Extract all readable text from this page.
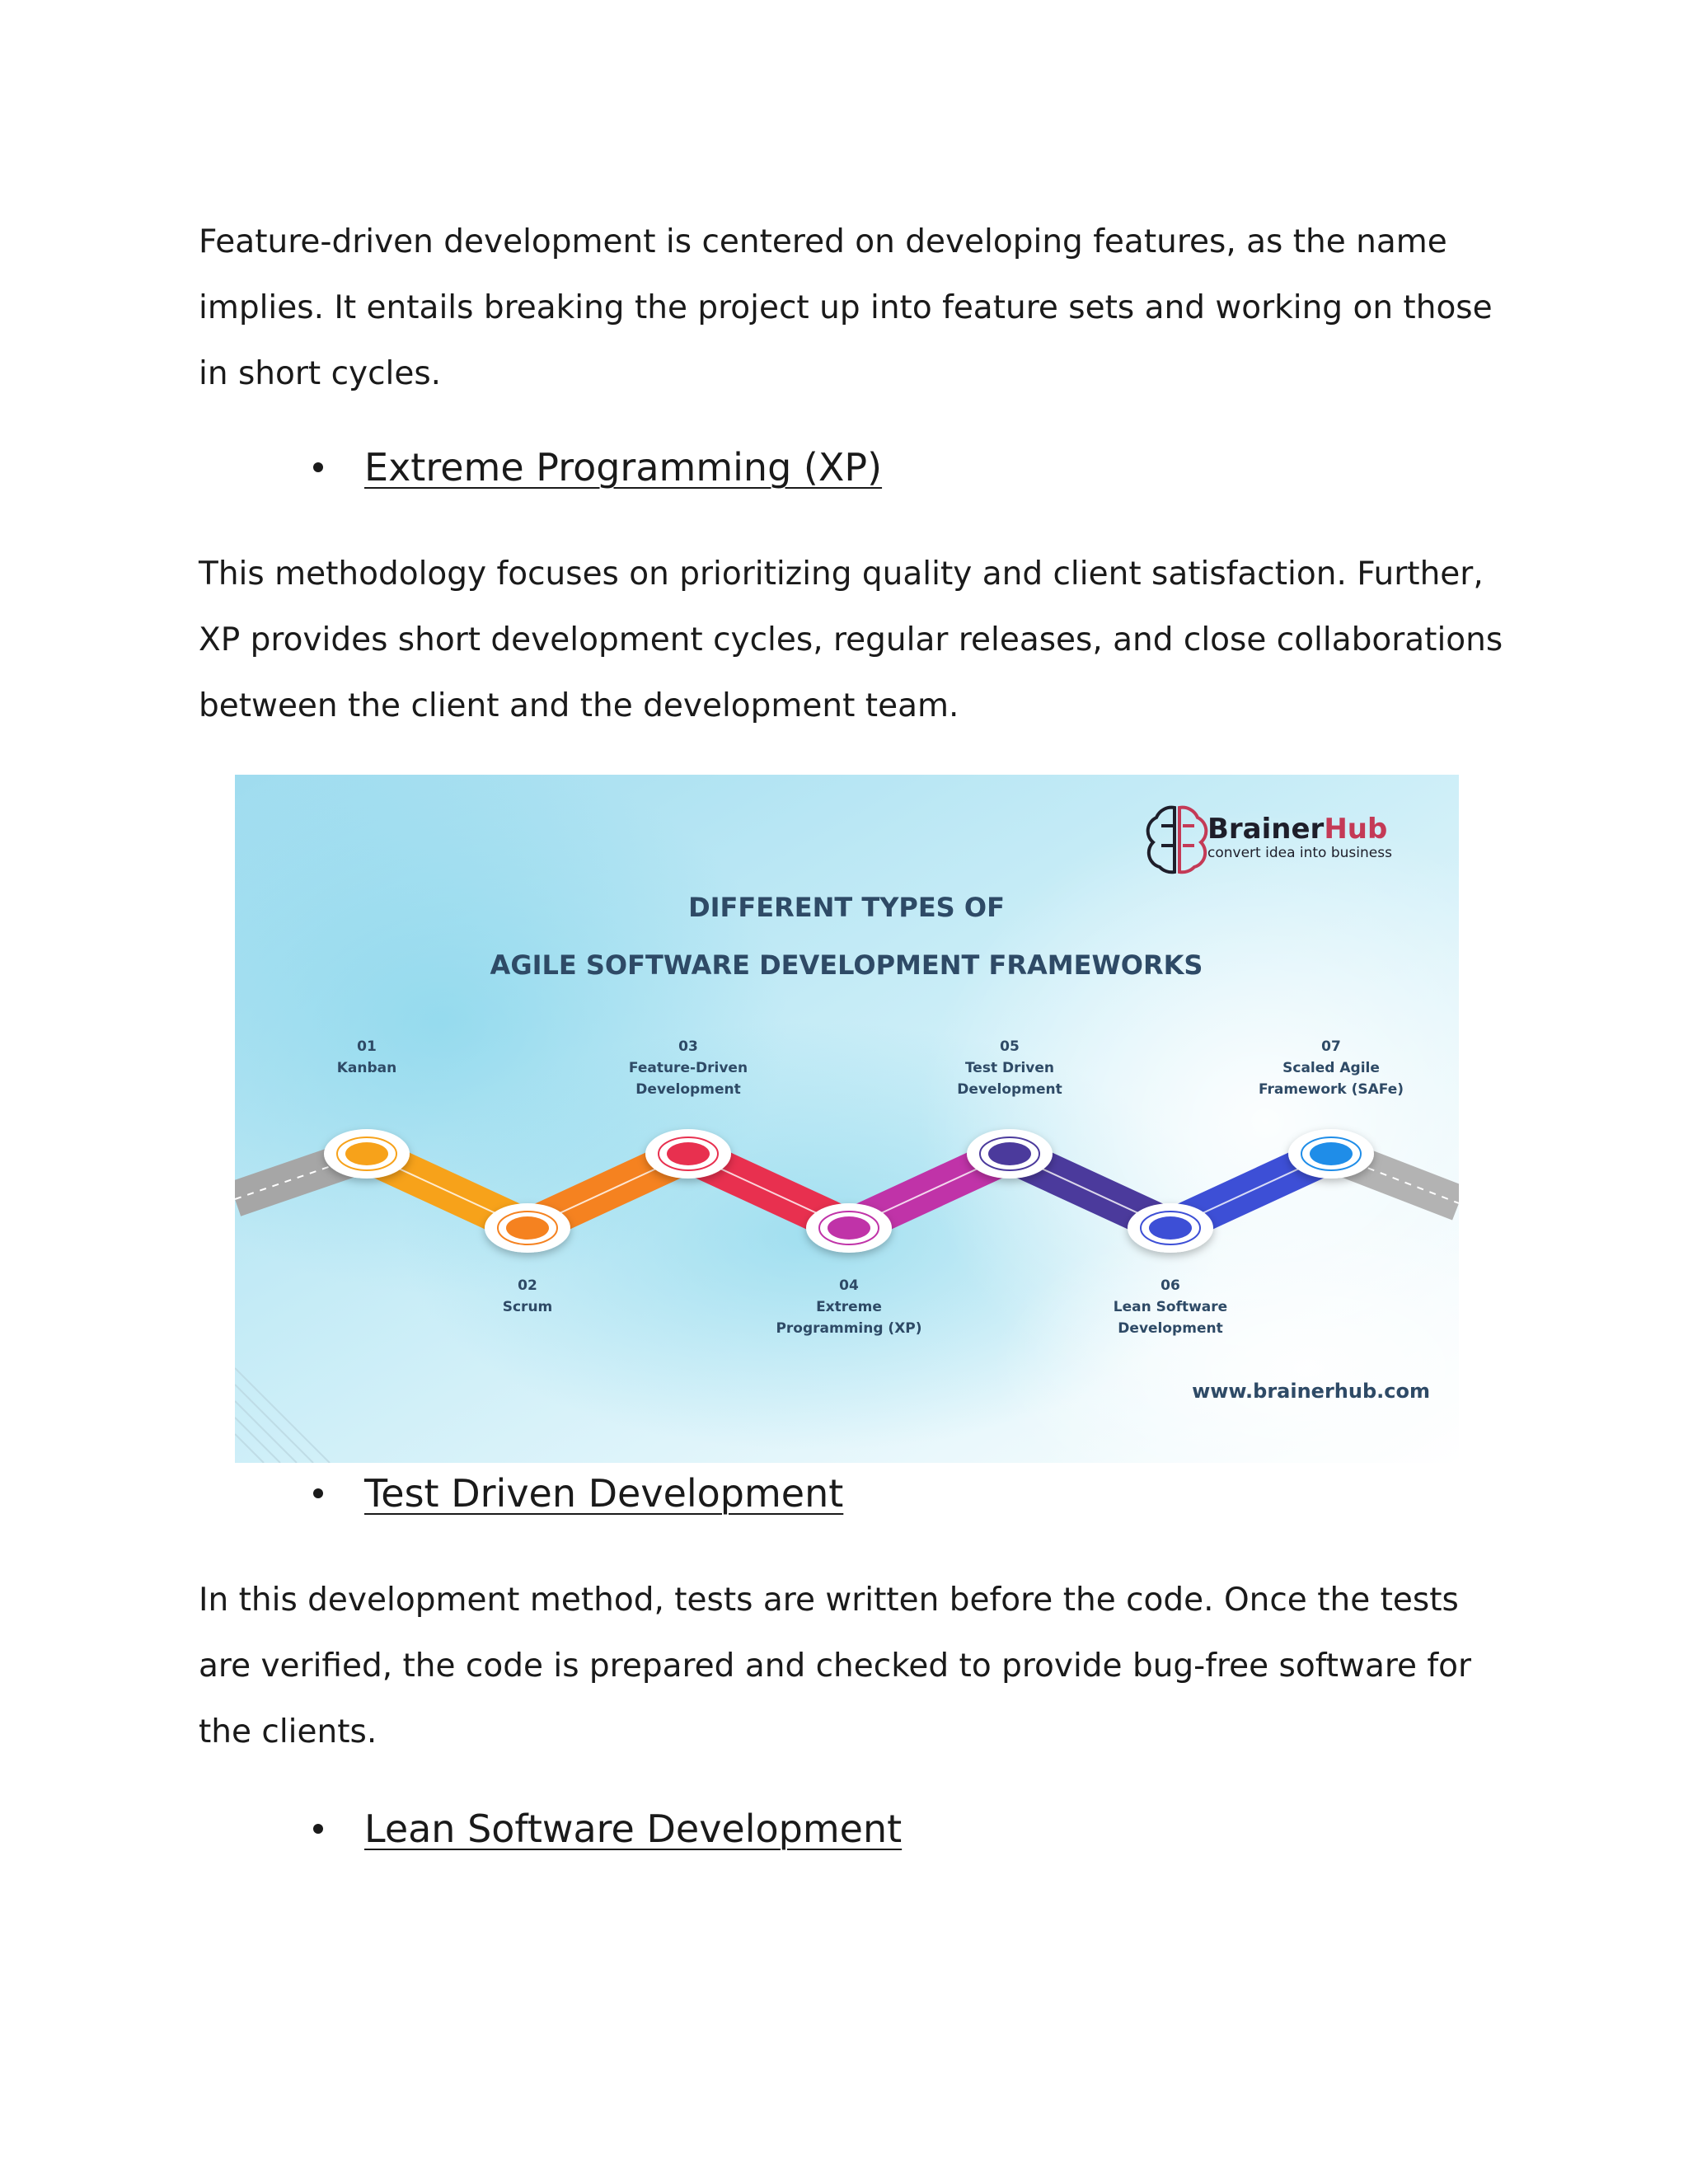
Feature-driven development is centered on developing features, as the name implies. It entails breaking the project up into feature sets and working on those in short cycles.

Extreme Programming (XP)

This methodology focuses on prioritizing quality and client satisfaction. Further, XP provides short development cycles, regular releases, and close collaborations between the client and the development team.

BrainerHub
convert idea into business
DIFFERENT TYPES OF
AGILE SOFTWARE DEVELOPMENT FRAMEWORKS
01
Kanban
02
Scrum
03
Feature-Driven
Development
04
Extreme
Programming (XP)
05
Test Driven
Development
06
Lean Software
Development
07
Scaled Agile
Framework (SAFe)
www.brainerhub.com
Test Driven Development

In this development method, tests are written before the code. Once the tests are verified, the code is prepared and checked to provide bug-free software for the clients.

Lean Software Development
